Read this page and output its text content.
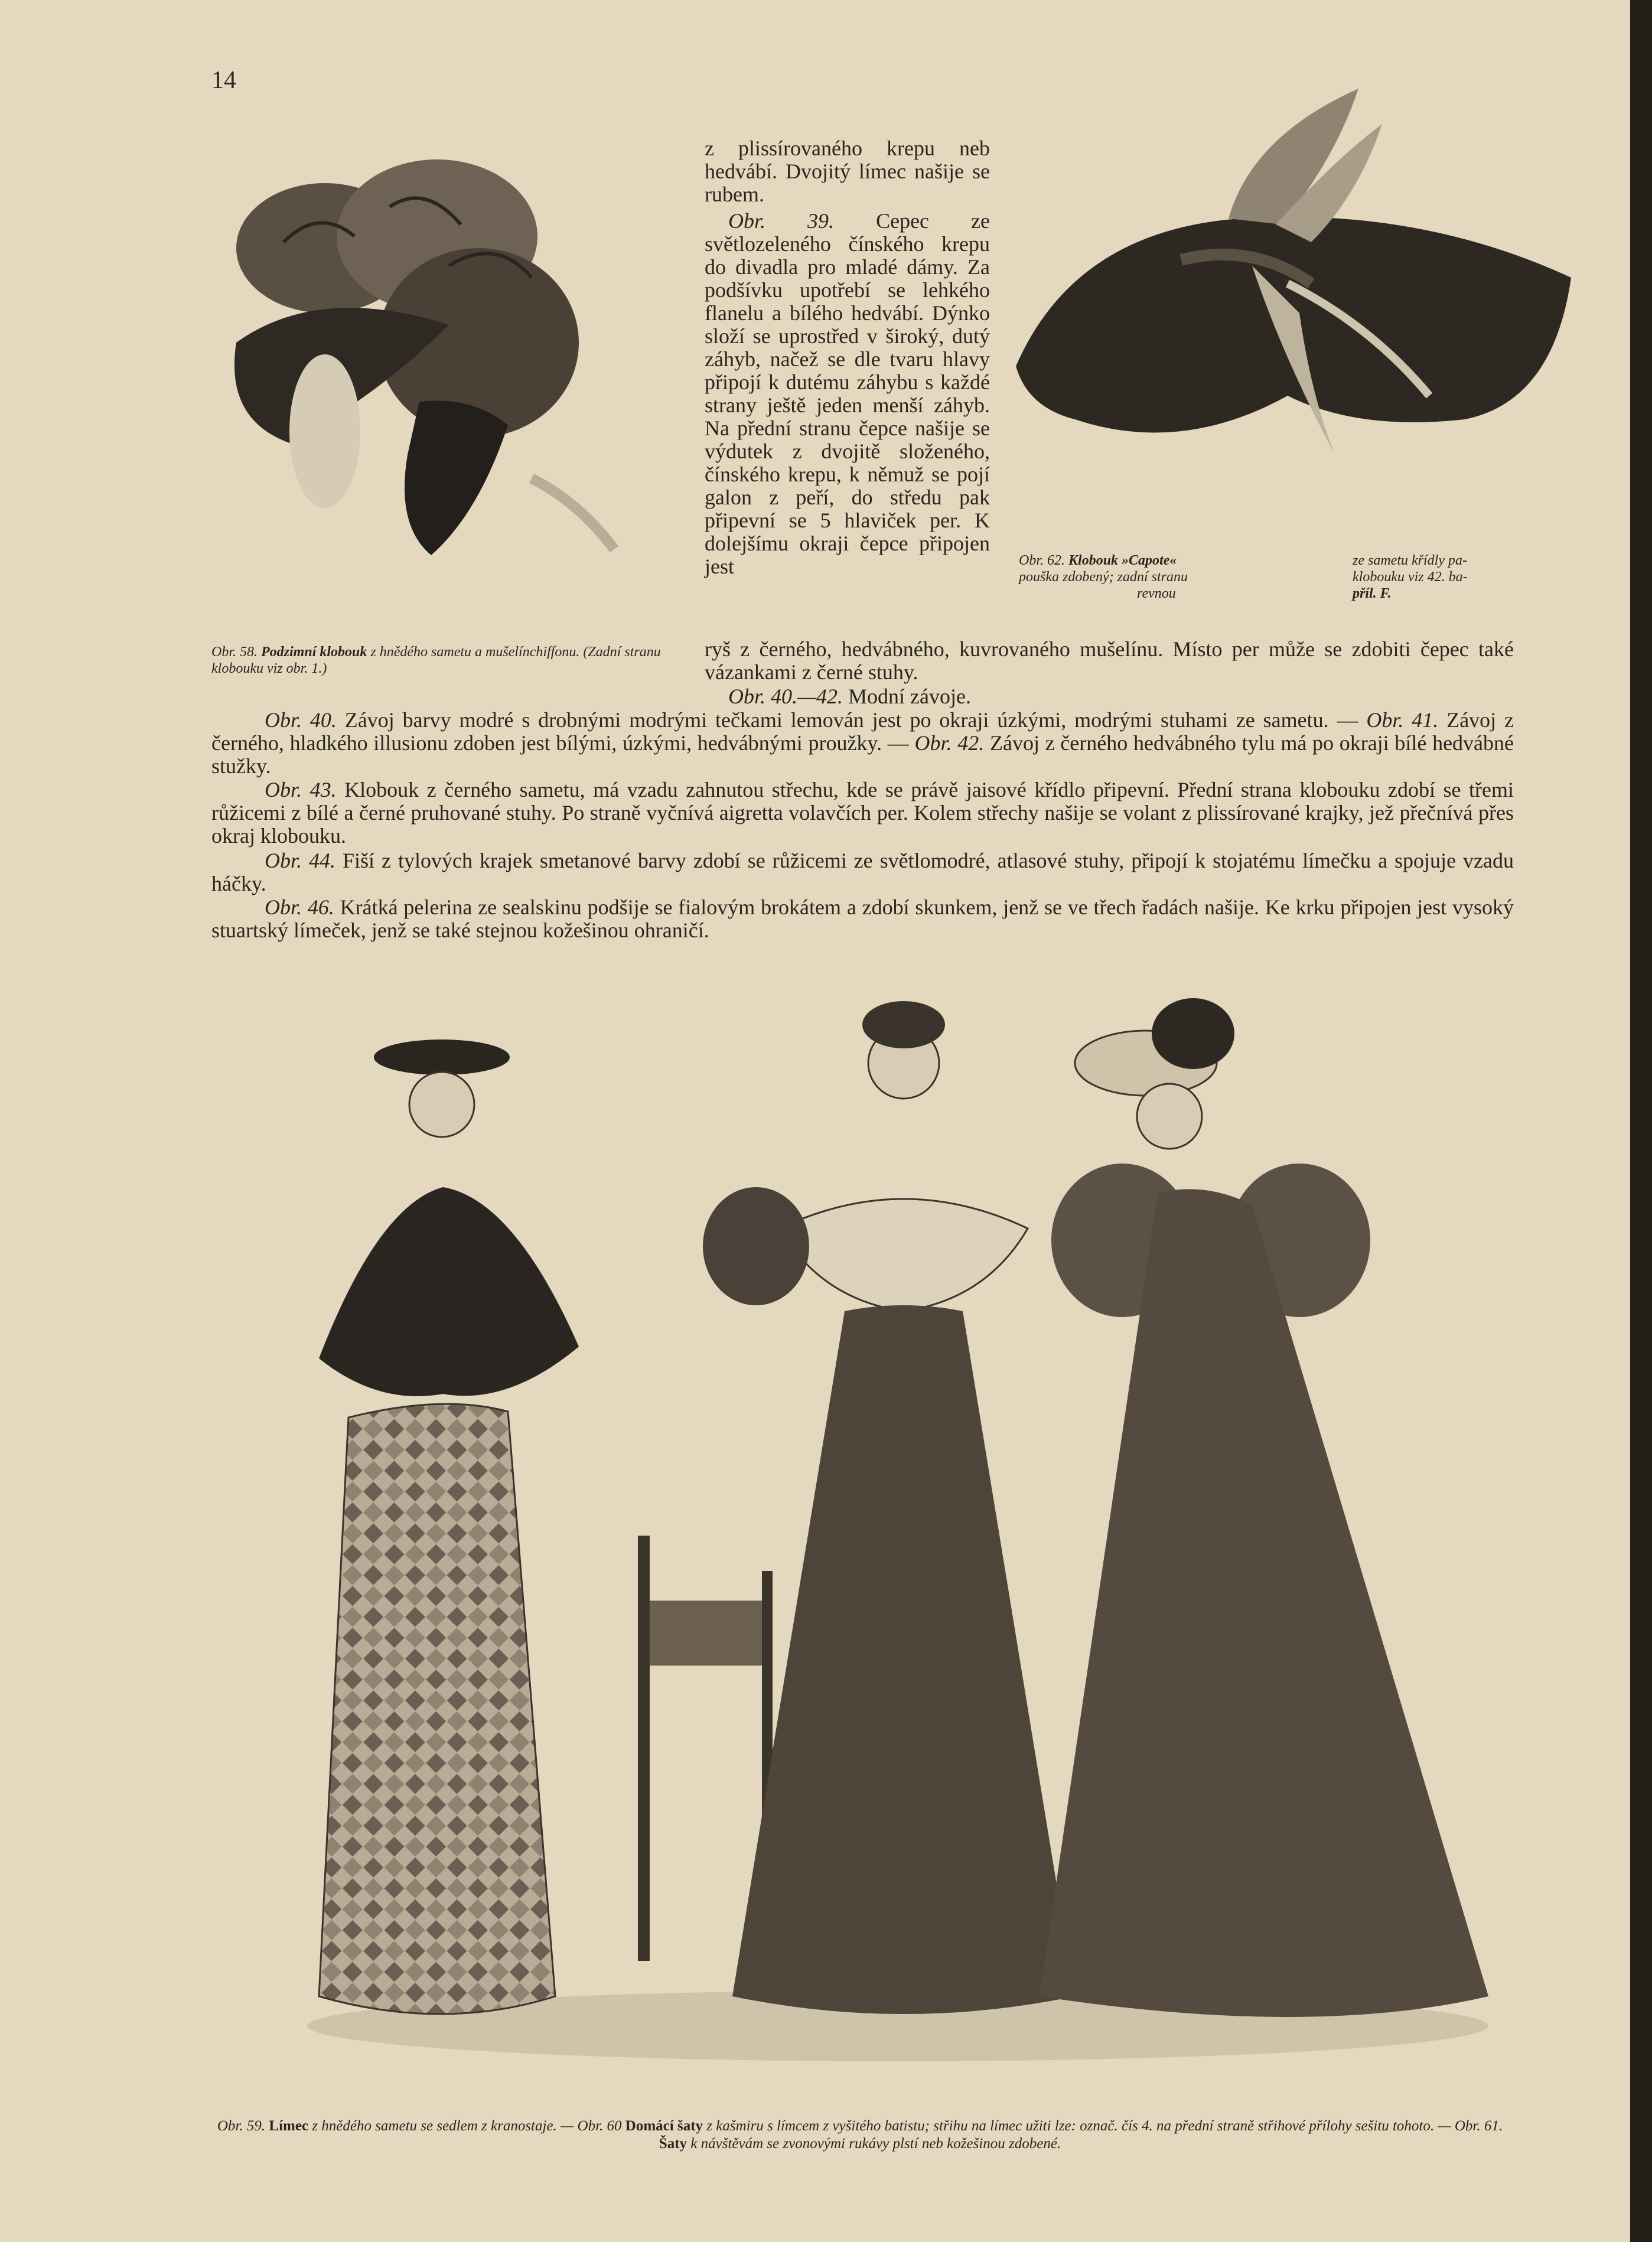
14

z plissírovaného krepu neb hedvábí. Dvojitý límec našije se rubem.

Obr. 39. Cepec ze světlozeleného čínského krepu do divadla pro mladé dámy. Za podšívku upotřebí se lehkého flanelu a bílého hedvábí. Dýnko složí se uprostřed v široký, dutý záhyb, načež se dle tvaru hlavy připojí k dutému záhybu s každé strany ještě jeden menší záhyb. Na přední stranu čepce našije se výdutek z dvojitě složeného, čínského krepu, k němuž se pojí galon z peří, do středu pak připevní se 5 hlaviček per. K dolejšímu okraji čepce připojen jest

Obr. 58. Podzimní klobouk z hnědého sametu a mušelínchiffonu. (Zadní stranu klobouku viz obr. 1.)
Obr. 62. Klobouk »Capote«
pouška zdobený; zadní stranu
revnou
ze sametu křídly pa-
klobouku viz 42. ba-
příl. F.

ryš z černého, hedvábného, kuvrovaného mušelínu. Místo per může se zdobiti čepec také vázankami z černé stuhy.

Obr. 40.—42. Modní závoje.

Obr. 40. Závoj barvy modré s drobnými modrými tečkami lemován jest po okraji úzkými, modrými stuhami ze sametu. — Obr. 41. Závoj z černého, hladkého illusionu zdoben jest bílými, úzkými, hedvábnými proužky. — Obr. 42. Závoj z černého hedvábného tylu má po okraji bílé hedvábné stužky.

Obr. 43. Klobouk z černého sametu, má vzadu zahnutou střechu, kde se právě jaisové křídlo připevní. Přední strana klobouku zdobí se třemi růžicemi z bílé a černé pruhované stuhy. Po straně vyčnívá aigretta volavčích per. Kolem střechy našije se volant z plissírované krajky, jež přečnívá přes okraj klobouku.

Obr. 44. Fiší z tylových krajek smetanové barvy zdobí se růžicemi ze světlomodré, atlasové stuhy, připojí k stojatému límečku a spojuje vzadu háčky.

Obr. 46. Krátká pelerina ze sealskinu podšije se fialovým brokátem a zdobí skunkem, jenž se ve třech řadách našije. Ke krku připojen jest vysoký stuartský límeček, jenž se také stejnou kožešinou ohraničí.

Obr. 59. Límec z hnědého sametu se sedlem z kranostaje. — Obr. 60 Domácí šaty z kašmiru s límcem z vyšitého batistu; střihu na límec užiti lze: označ. čís 4. na přední straně střihové přílohy sešitu tohoto. — Obr. 61. Šaty k návštěvám se zvonovými rukávy plstí neb kožešinou zdobené.
